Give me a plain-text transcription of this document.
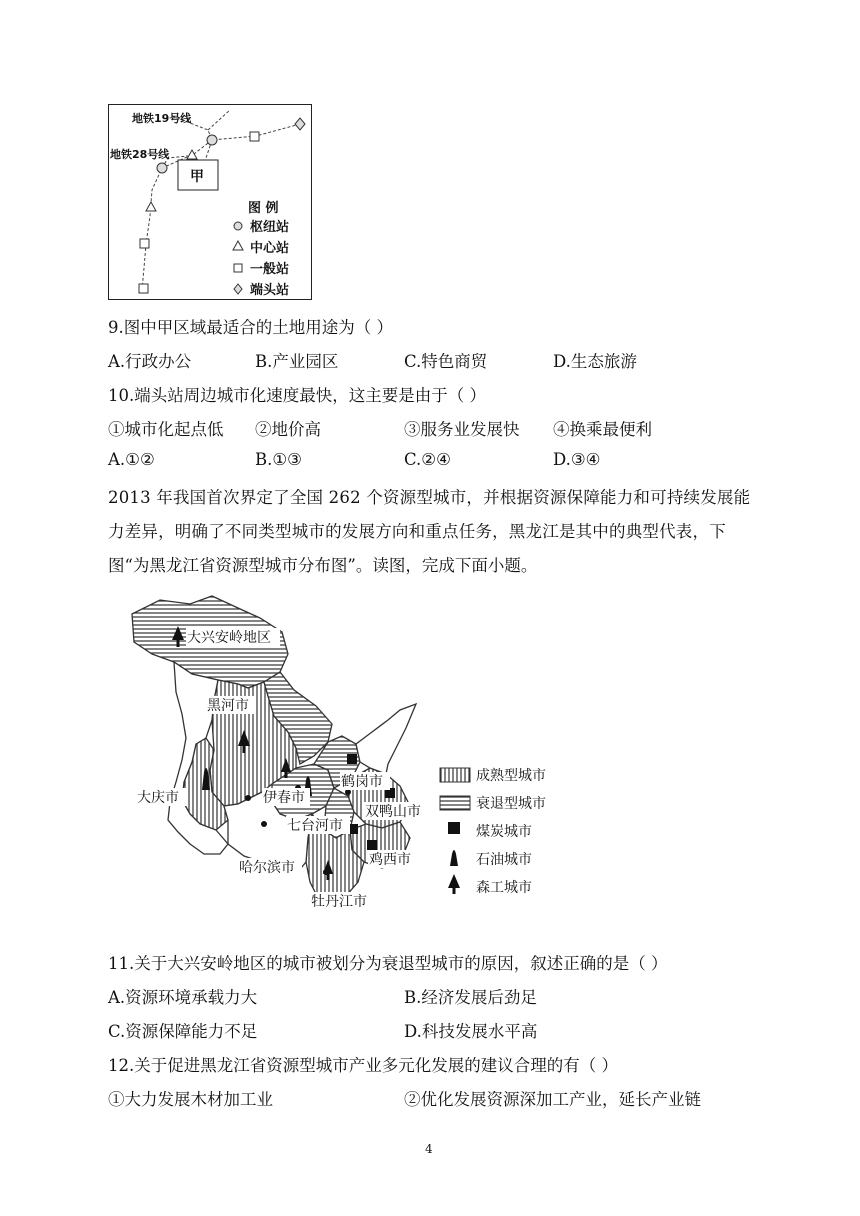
地铁19号线
地铁28号线
甲
图 例
枢纽站
中心站
一般站
端头站
9.图中甲区域最适合的土地用途为（ ）
A.行政办公	B.产业园区	C.特色商贸	D.生态旅游
10.端头站周边城市化速度最快，这主要是由于（ ）
①城市化起点低 ②地价高	③服务业发展快 ④换乘最便利
A.①②	B.①③	C.②④	D.③④
2013 年我国首次界定了全国 262 个资源型城市，并根据资源保障能力和可持续发展能
力差异，明确了不同类型城市的发展方向和重点任务，黑龙江是其中的典型代表，下
图“为黑龙江省资源型城市分布图”。读图，完成下面小题。
大兴安岭地区
黑河市
大庆市	伊春市
鹤岗市
双鸭山市
七台河市
鸡西市
哈尔滨市
牡丹江市
成熟型城市
衰退型城市
煤炭城市
石油城市
森工城市
11.关于大兴安岭地区的城市被划分为衰退型城市的原因，叙述正确的是（ ）
A.资源环境承载力大	B.经济发展后劲足
C.资源保障能力不足	D.科技发展水平高
12.关于促进黑龙江省资源型城市产业多元化发展的建议合理的有（ ）
①大力发展木材加工业	②优化发展资源深加工产业，延长产业链
4
